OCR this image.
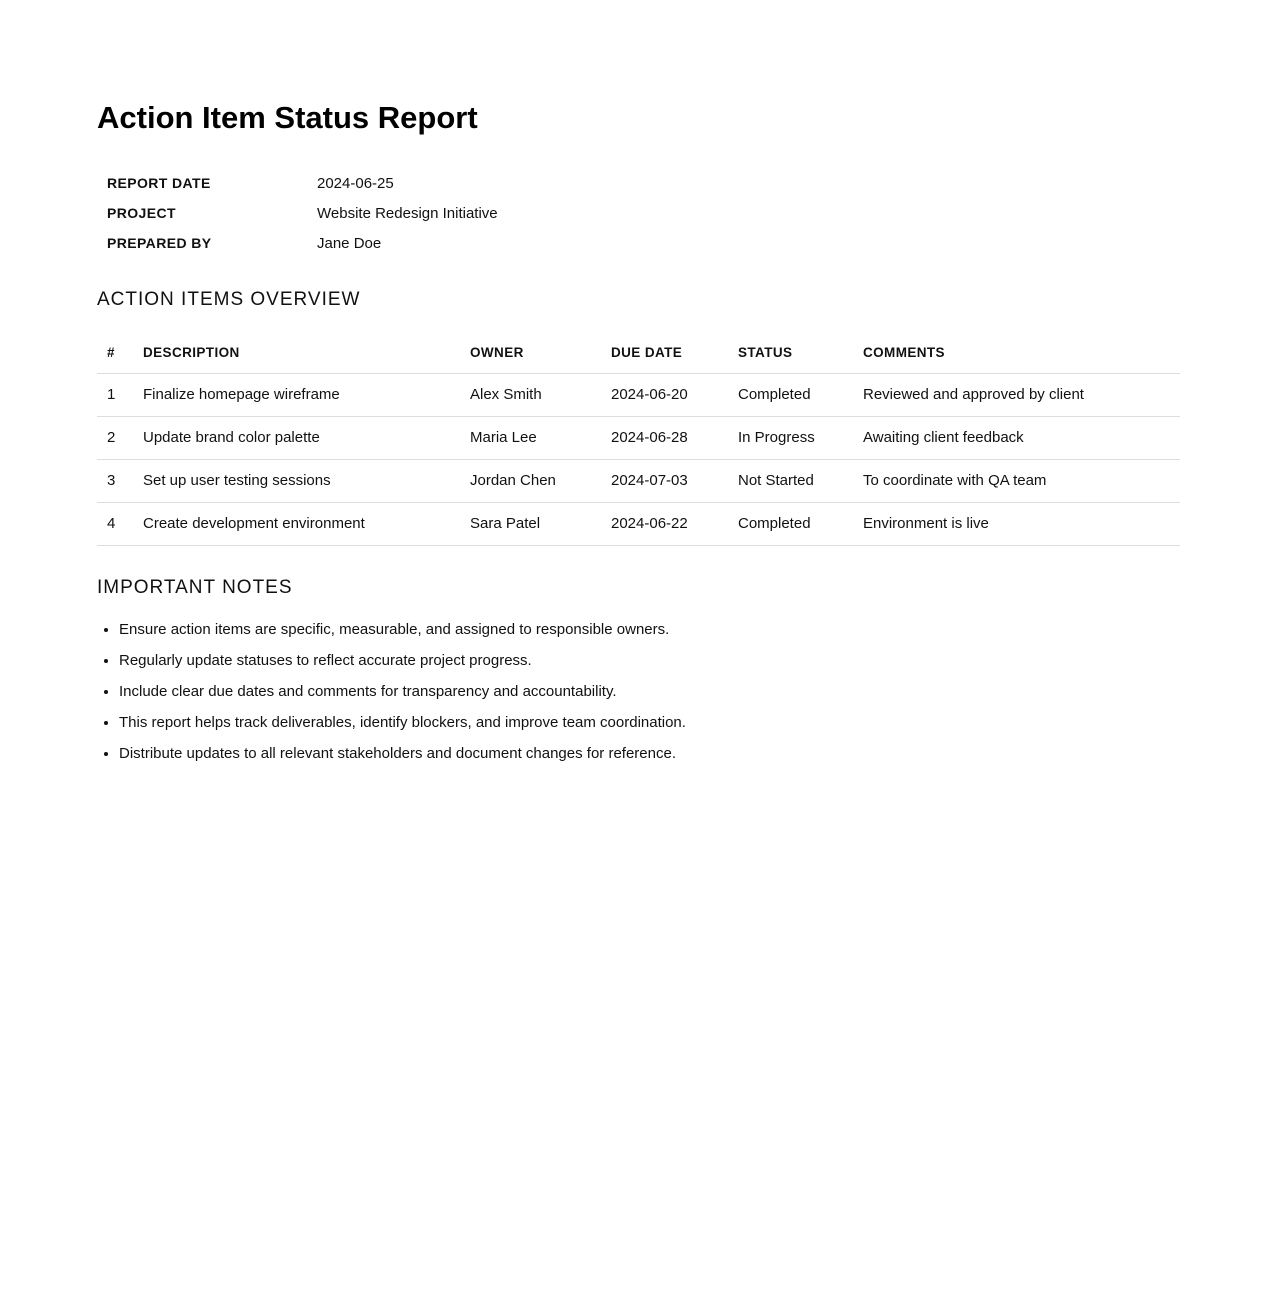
Action Item Status Report
REPORT DATE	2024-06-25
PROJECT	Website Redesign Initiative
PREPARED BY	Jane Doe
ACTION ITEMS OVERVIEW
#	DESCRIPTION	OWNER	DUE DATE	STATUS	COMMENTS
1	Finalize homepage wireframe	Alex Smith	2024-06-20	Completed	Reviewed and approved by client
2	Update brand color palette	Maria Lee	2024-06-28	In Progress	Awaiting client feedback
3	Set up user testing sessions	Jordan Chen	2024-07-03	Not Started	To coordinate with QA team
4	Create development environment	Sara Patel	2024-06-22	Completed	Environment is live
IMPORTANT NOTES
• Ensure action items are specific, measurable, and assigned to responsible owners.
• Regularly update statuses to reflect accurate project progress.
• Include clear due dates and comments for transparency and accountability.
• This report helps track deliverables, identify blockers, and improve team coordination.
• Distribute updates to all relevant stakeholders and document changes for reference.
